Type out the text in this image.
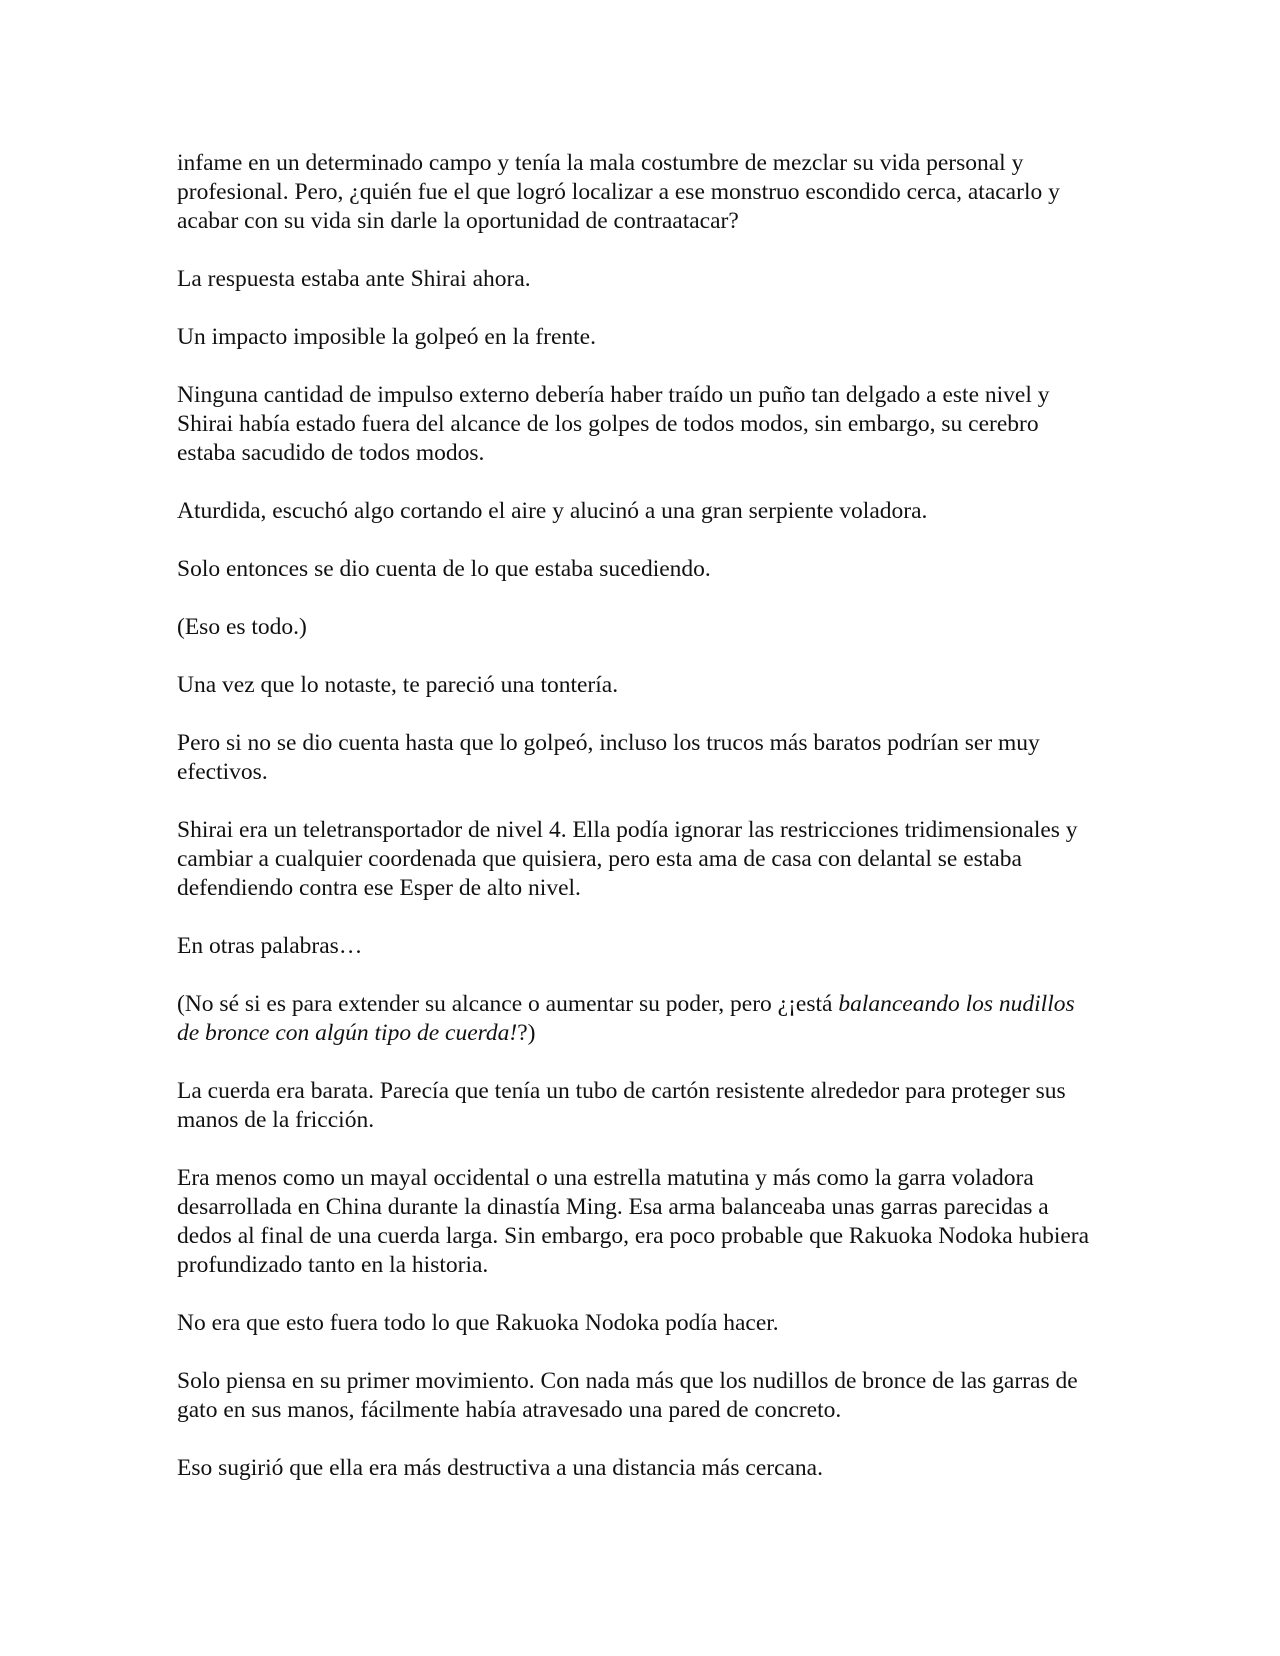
infame en un determinado campo y tenía la mala costumbre de mezclar su vida personal y profesional. Pero, ¿quién fue el que logró localizar a ese monstruo escondido cerca, atacarlo y acabar con su vida sin darle la oportunidad de contraatacar?

La respuesta estaba ante Shirai ahora.

Un impacto imposible la golpeó en la frente.

Ninguna cantidad de impulso externo debería haber traído un puño tan delgado a este nivel y Shirai había estado fuera del alcance de los golpes de todos modos, sin embargo, su cerebro estaba sacudido de todos modos.

Aturdida, escuchó algo cortando el aire y alucinó a una gran serpiente voladora.

Solo entonces se dio cuenta de lo que estaba sucediendo.

(Eso es todo.)

Una vez que lo notaste, te pareció una tontería.

Pero si no se dio cuenta hasta que lo golpeó, incluso los trucos más baratos podrían ser muy efectivos.

Shirai era un teletransportador de nivel 4. Ella podía ignorar las restricciones tridimensionales y cambiar a cualquier coordenada que quisiera, pero esta ama de casa con delantal se estaba defendiendo contra ese Esper de alto nivel.

En otras palabras…

(No sé si es para extender su alcance o aumentar su poder, pero ¿¡está balanceando los nudillos de bronce con algún tipo de cuerda!?)

La cuerda era barata. Parecía que tenía un tubo de cartón resistente alrededor para proteger sus manos de la fricción.

Era menos como un mayal occidental o una estrella matutina y más como la garra voladora desarrollada en China durante la dinastía Ming. Esa arma balanceaba unas garras parecidas a dedos al final de una cuerda larga. Sin embargo, era poco probable que Rakuoka Nodoka hubiera profundizado tanto en la historia.

No era que esto fuera todo lo que Rakuoka Nodoka podía hacer.

Solo piensa en su primer movimiento. Con nada más que los nudillos de bronce de las garras de gato en sus manos, fácilmente había atravesado una pared de concreto.

Eso sugirió que ella era más destructiva a una distancia más cercana.
